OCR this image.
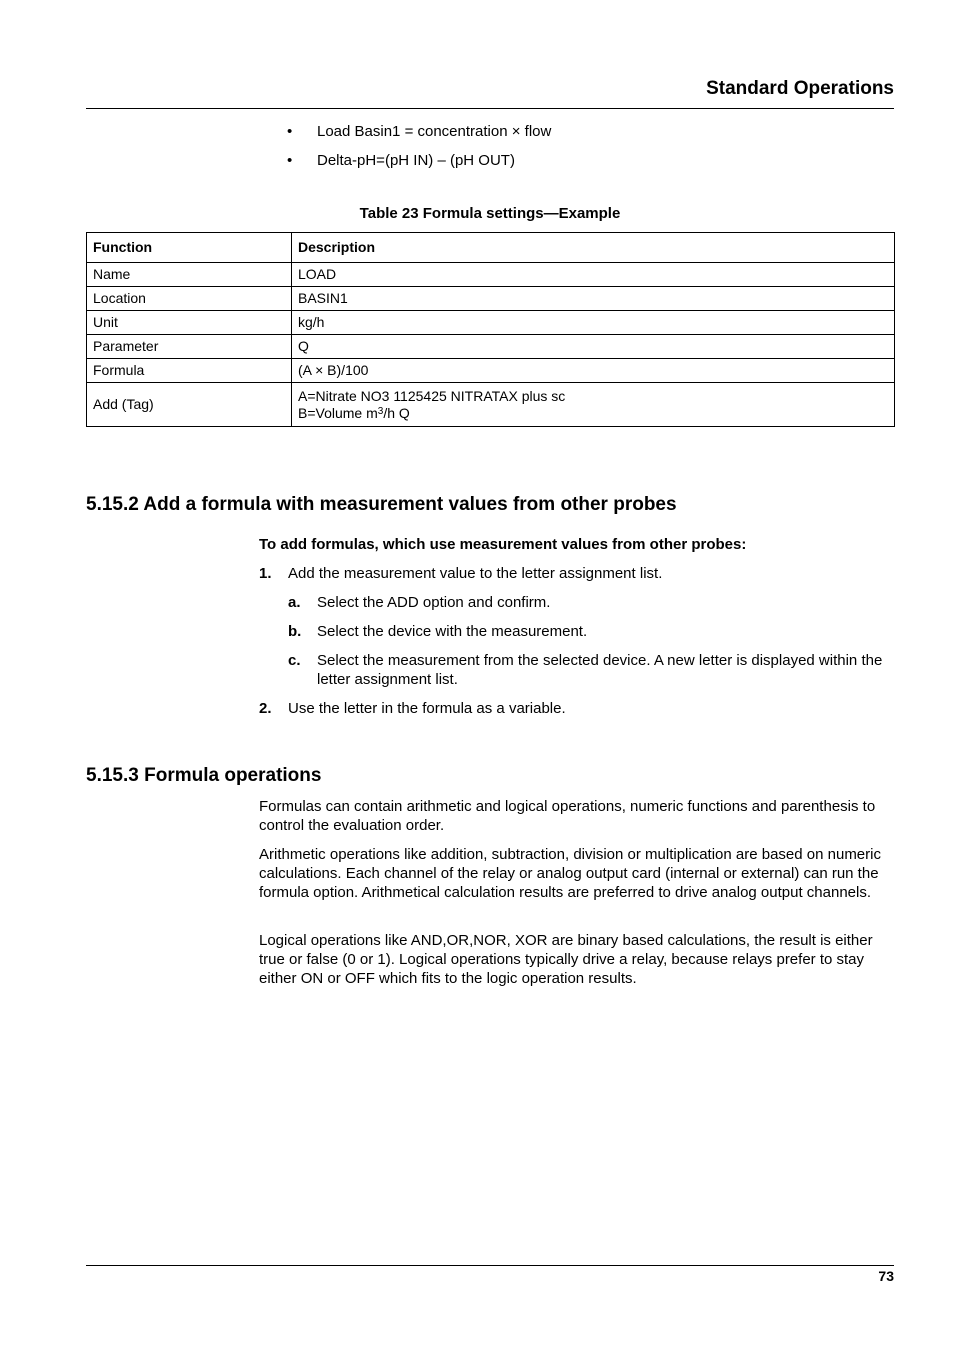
Standard Operations
• Load Basin1 = concentration × flow
• Delta-pH=(pH IN) – (pH OUT)
Table 23 Formula settings—Example
Function	Description
Name	LOAD
Location	BASIN1
Unit	kg/h
Parameter	Q
Formula	(A × B)/100
Add (Tag)	A=Nitrate NO3 1125425 NITRATAX plus sc
B=Volume $m^3/h$ Q
5.15.2 Add a formula with measurement values from other probes
To add formulas, which use measurement values from other probes:
1. Add the measurement value to the letter assignment list.
a. Select the ADD option and confirm.
b. Select the device with the measurement.
c. Select the measurement from the selected device. A new letter is displayed within the letter assignment list.
2. Use the letter in the formula as a variable.
5.15.3 Formula operations
Formulas can contain arithmetic and logical operations, numeric functions and parenthesis to control the evaluation order.
Arithmetic operations like addition, subtraction, division or multiplication are based on numeric calculations. Each channel of the relay or analog output card (internal or external) can run the formula option. Arithmetical calculation results are preferred to drive analog output channels.
Logical operations like AND,OR,NOR, XOR are binary based calculations, the result is either true or false (0 or 1). Logical operations typically drive a relay, because relays prefer to stay either ON or OFF which fits to the logic operation results.
73
